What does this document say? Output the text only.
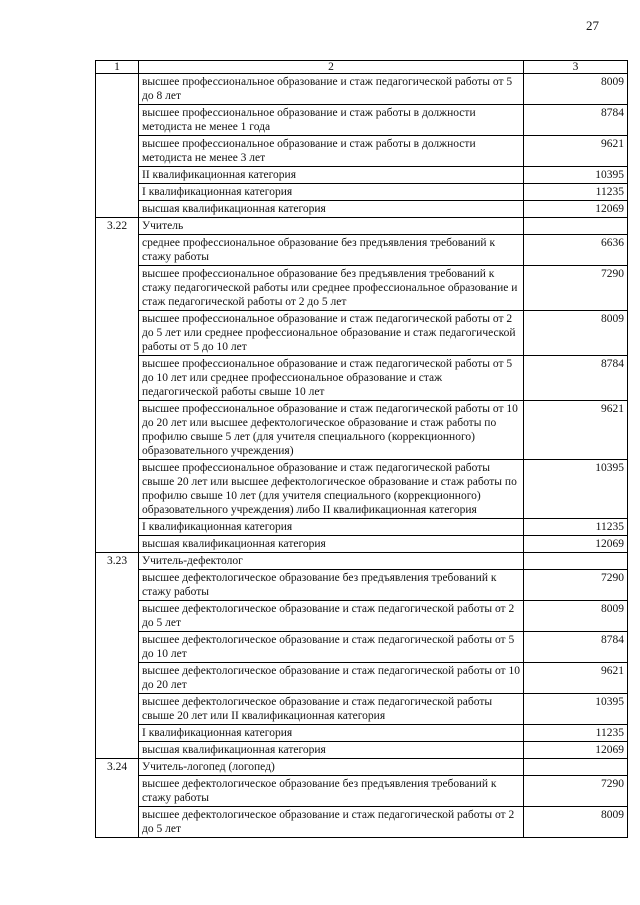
27
1	2	3
	высшее профессиональное образование и стаж педагогической работы от 5 до 8 лет	8009
	высшее профессиональное образование и стаж работы в должности методиста не менее 1 года	8784
	высшее профессиональное образование и стаж работы в должности методиста не менее 3 лет	9621
	II квалификационная категория	10395
	I квалификационная категория	11235
	высшая квалификационная категория	12069
3.22	Учитель	
	среднее профессиональное образование без предъявления требований к стажу работы	6636
	высшее профессиональное образование без предъявления требований к стажу педагогической работы или среднее профессиональное образование и стаж педагогической работы от 2 до 5 лет	7290
	высшее профессиональное образование и стаж педагогической работы от 2 до 5 лет или среднее профессиональное образование и стаж педагогической работы от 5 до 10 лет	8009
	высшее профессиональное образование и стаж педагогической работы от 5 до 10 лет или среднее профессиональное образование и стаж педагогической работы свыше 10 лет	8784
	высшее профессиональное образование и стаж педагогической работы от 10 до 20 лет или высшее дефектологическое образование и стаж работы по профилю свыше 5 лет (для учителя специального (коррекционного) образовательного учреждения)	9621
	высшее профессиональное образование и стаж педагогической работы свыше 20 лет или высшее дефектологическое образование и стаж работы по профилю свыше 10 лет (для учителя специального (коррекционного) образовательного учреждения) либо II квалификационная категория	10395
	I квалификационная категория	11235
	высшая квалификационная категория	12069
3.23	Учитель-дефектолог	
	высшее дефектологическое образование без предъявления требований к стажу работы	7290
	высшее дефектологическое образование и стаж педагогической работы от 2 до 5 лет	8009
	высшее дефектологическое образование и стаж педагогической работы от 5 до 10 лет	8784
	высшее дефектологическое образование и стаж педагогической работы от 10 до 20 лет	9621
	высшее дефектологическое образование и стаж педагогической работы свыше 20 лет или II квалификационная категория	10395
	I квалификационная категория	11235
	высшая квалификационная категория	12069
3.24	Учитель-логопед (логопед)	
	высшее дефектологическое образование без предъявления требований к стажу работы	7290
	высшее дефектологическое образование и стаж педагогической работы от 2 до 5 лет	8009
